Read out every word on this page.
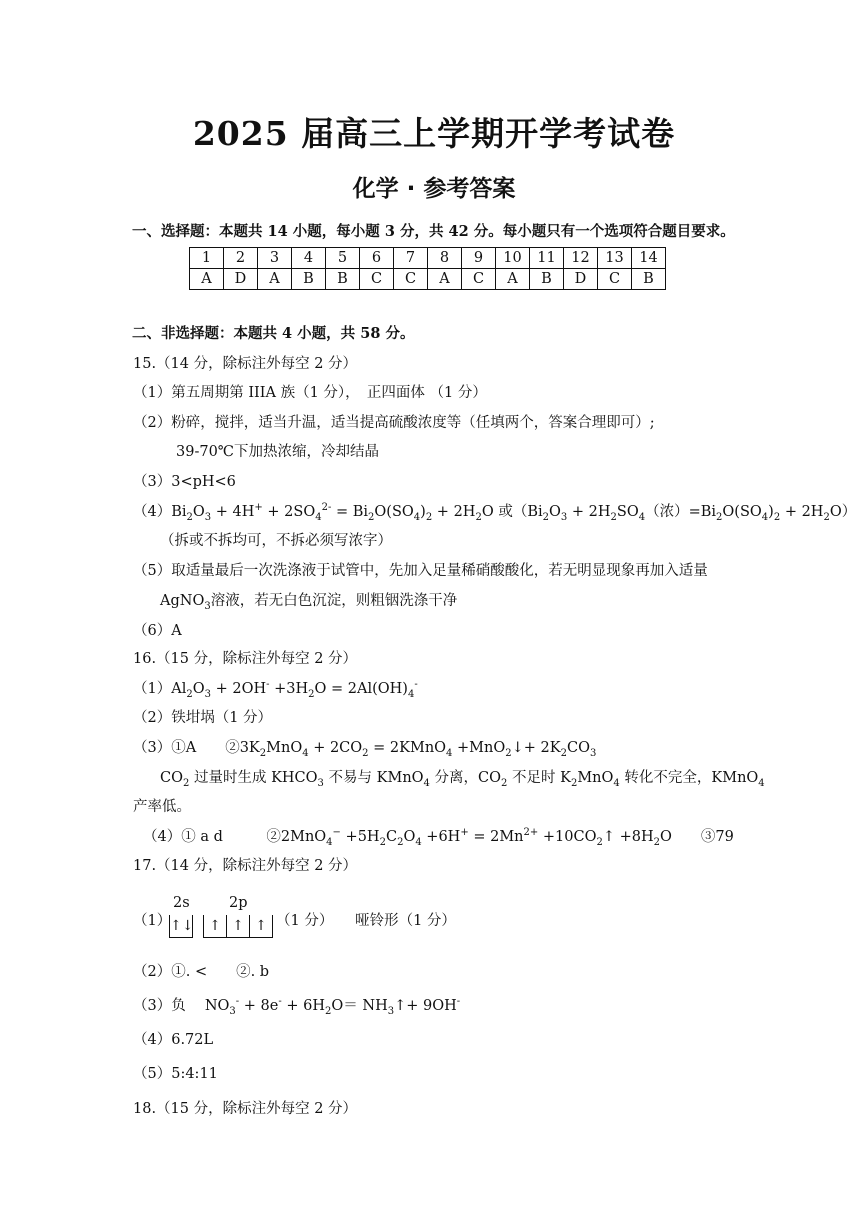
2025 届高三上学期开学考试卷
化学 · 参考答案
一、选择题：本题共 14 小题，每小题 3 分，共 42 分。每小题只有一个选项符合题目要求。
1	2	3	4	5	6	7	8	9	10	11	12	13	14
A	D	A	B	B	C	C	A	C	A	B	D	C	B
二、非选择题：本题共 4 小题，共 58 分。
15.（14 分，除标注外每空 2 分）
（1）第五周期第 IIIA 族（1 分），　正四面体 （1 分）
（2）粉碎，搅拌，适当升温，适当提高硫酸浓度等（任填两个，答案合理即可）;
39-70℃下加热浓缩，冷却结晶
（3）3<pH<6
$(4)Bi_2O_3 + 4H^+ + 2SO_4^{2-} = Bi_2O(SO_4)_2 + 2H_2O$ 或（$Bi_2O_3 + 2H_2SO_4$（浓）$=Bi_2O(SO_4)_2 + 2H_2O$）
（拆或不拆均可，不拆必须写浓字）
（5）取适量最后一次洗涤液于试管中，先加入足量稀硝酸酸化，若无明显现象再加入适量
AgNO$_3$溶液，若无白色沉淀，则粗铟洗涤干净
（6）A
16.（15 分，除标注外每空 2 分）
$(1)Al_2O_3 + 2OH^- +3H_2O = 2Al(OH)_4^-$
（2）铁坩埚（1 分）
（3）①A　　$②3K_2MnO_4 + 2CO_2$ = 2KMnO$_4$ +MnO$_2$↓+ $2K_2CO_3$
$CO_2$ 过量时生成 $KHCO_3$ 不易与 KMnO$_4$ 分离，$CO_2$ 不足时 $K_2MnO_4$ 转化不完全，KMnO$_4$
产率低。
（4）① a d　　　②2MnO$_4$− $+5H_2C_2O_4 +6H^+ = 2Mn^{2+}$ $+10CO_2↑ +8H_2O$　　③79
17.（14 分，除标注外每空 2 分）
（1）
2s
↑↓
2p
↑ ↑ ↑ （1 分）　　哑铃形（1 分）
（2）①. <　　②. b
（3）负　 $NO_3^- + 8e^- + 6H_2O=$ $NH_3↑+ 9OH^-$
（4）6.72L
（5）5:4:11
18.（15 分，除标注外每空 2 分）
